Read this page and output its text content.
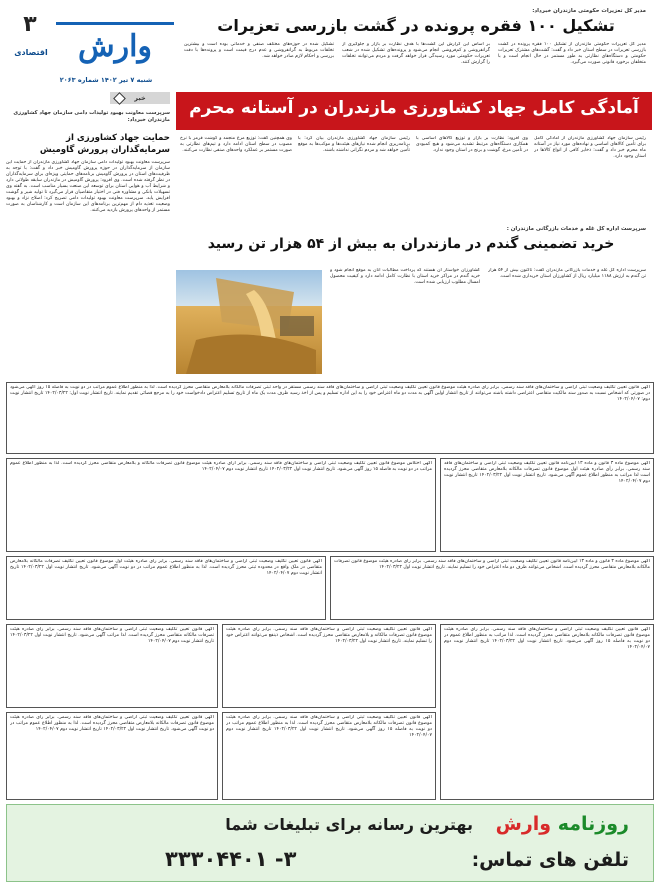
۳
اقتصادی وارش
شنبه ۷ تیر ۱۴۰۲ شماره ۲۰۶۳
مدیر کل تعزیرات حکومتی مازندران خبرداد:
تشکیل ۱۰۰ فقره پرونده در گشت بازرسی تعزیرات
مدیر کل تعزیرات حکومتی مازندران از تشکیل ۱۰۰ فقره پرونده در گشت بازرسی تعزیرات در سطح استان خبر داد و گفت: گشت‌های مشترک تعزیرات حکومتی و دستگاه‌های نظارتی به طور مستمر در حال انجام است و با متخلفان برخورد قانونی صورت می‌گیرد.
بر اساس این گزارش این گشت‌ها با هدف نظارت بر بازار و جلوگیری از گرانفروشی و کم‌فروشی انجام می‌شود و پرونده‌های تشکیل شده در شعب تعزیرات حکومتی مورد رسیدگی قرار خواهد گرفت و مردم می‌توانند تخلفات را گزارش کنند.
تشکیل شده در حوزه‌های مختلف صنفی و خدماتی بوده است و بیشترین تخلفات مربوط به گرانفروشی و عدم درج قیمت است و پرونده‌ها با دقت بررسی و احکام لازم صادر خواهد شد.
آمادگی کامل جهاد کشاورزی مازندران در آستانه محرم
رئیس سازمان جهاد کشاورزی مازندران از آمادگی کامل برای تأمین کالاهای اساسی و نهاده‌های مورد نیاز در آستانه ماه محرم خبر داد و گفت: ذخایر کافی از انواع کالاها در استان وجود دارد.
وی افزود: نظارت بر بازار و توزیع کالاهای اساسی با همکاری دستگاه‌های مرتبط تشدید می‌شود و هیچ کمبودی در تأمین مرغ، گوشت و برنج در استان وجود ندارد.
رئیس سازمان جهاد کشاورزی مازندران بیان کرد: با برنامه‌ریزی انجام شده نیازهای هیئت‌ها و موکب‌ها به موقع تأمین خواهد شد و مردم نگرانی نداشته باشند.
وی همچنین گفت: توزیع مرغ منجمد و گوشت قرمز با نرخ مصوب در سطح استان ادامه دارد و تیم‌های نظارتی به صورت مستمر بر عملکرد واحدهای صنفی نظارت می‌کنند.
خبر
سرپرست معاونت بهبود تولیدات دامی سازمان جهاد کشاورزی مازندران خبرداد:
حمایت جهاد کشاورزی از سرمایه‌گذاران پرورش گاومیش
سرپرست معاونت بهبود تولیدات دامی سازمان جهاد کشاورزی مازندران از حمایت این سازمان از سرمایه‌گذاران در حوزه پرورش گاومیش خبر داد و گفت: با توجه به ظرفیت‌های استان در پرورش گاومیش برنامه‌های حمایتی ویژه‌ای برای سرمایه‌گذاران در نظر گرفته شده است. وی افزود: پرورش گاومیش در مازندران سابقه طولانی دارد و شرایط آب و هوایی استان برای توسعه این صنعت بسیار مناسب است. به گفته وی تسهیلات بانکی و مشاوره فنی در اختیار متقاضیان قرار می‌گیرد تا تولید شیر و گوشت افزایش یابد. سرپرست معاونت بهبود تولیدات دامی تصریح کرد: اصلاح نژاد و بهبود وضعیت تغذیه دام از مهم‌ترین برنامه‌های این سازمان است و کارشناسان به صورت مستمر از واحدهای پرورش بازدید می‌کنند.
سرپرست اداره کل غله و خدمات بازرگانی مازندران :
خرید تضمینی گندم در مازندران به بیش از ۵۴ هزار تن رسید
سرپرست اداره کل غله و خدمات بازرگانی مازندران گفت: تاکنون بیش از ۵۴ هزار تن گندم به ارزش ۱۱۸۸ میلیارد ریال از کشاورزان استان خریداری شده است.
کشاورزان خواستار آن هستند که پرداخت مطالبات آنان به موقع انجام شود و خرید گندم در مراکز خرید استان با نظارت کامل ادامه دارد و کیفیت محصول امسال مطلوب ارزیابی شده است.
آگهی قانون تعیین تکلیف وضعیت ثبتی اراضی و ساختمان‌های فاقد سند رسمی. برابر رأی صادره هیئت موضوع قانون تعیین تکلیف وضعیت ثبتی اراضی و ساختمان‌های فاقد سند رسمی مستقر در واحد ثبتی تصرفات مالکانه بلامعارض متقاضی محرز گردیده است. لذا به منظور اطلاع عموم مراتب در دو نوبت به فاصله ۱۵ روز آگهی می‌شود در صورتی که اشخاص نسبت به صدور سند مالکیت متقاضی اعتراضی داشته باشند می‌توانند از تاریخ انتشار اولین آگهی به مدت دو ماه اعتراض خود را به این اداره تسلیم و پس از اخذ رسید ظرف مدت یک ماه از تاریخ تسلیم اعتراض دادخواست خود را به مرجع قضائی تقدیم نمایند. تاریخ انتشار نوبت اول: ۱۴۰۲/۰۳/۲۲ تاریخ انتشار نوبت دوم: ۱۴۰۲/۰۴/۰۷
آگهی موضوع ماده ۳ قانون و ماده ۱۳ آیین‌نامه قانون تعیین تکلیف وضعیت ثبتی اراضی و ساختمان‌های فاقد سند رسمی. برابر رأی صادره هیئت اول موضوع قانون تصرفات مالکانه بلامعارض متقاضی محرز گردیده است لذا مراتب به منظور اطلاع عموم آگهی می‌شود. تاریخ انتشار نوبت اول ۱۴۰۲/۰۳/۲۲ تاریخ انتشار نوبت دوم ۱۴۰۲/۰۴/۰۷
آگهی اختلاس موضوع قانون تعیین تکلیف وضعیت ثبتی اراضی و ساختمان‌های فاقد سند رسمی. برابر آرای صادره هیئت موضوع قانون تصرفات مالکانه و بلامعارض متقاضی محرز گردیده است. لذا به منظور اطلاع عموم مراتب در دو نوبت به فاصله ۱۵ روز آگهی می‌شود. تاریخ انتشار نوبت اول ۱۴۰۲/۰۳/۲۲ تاریخ انتشار نوبت دوم ۱۴۰۲/۰۴/۰۷
آگهی موضوع ماده ۳ قانون و ماده ۱۳ آیین‌نامه قانون تعیین تکلیف وضعیت ثبتی اراضی و ساختمان‌های فاقد سند رسمی. برابر رأی صادره هیئت موضوع قانون تصرفات مالکانه بلامعارض متقاضی محرز گردیده است. اشخاص می‌توانند ظرف دو ماه اعتراض خود را تسلیم نمایند. تاریخ انتشار نوبت اول ۱۴۰۲/۰۳/۲۲
آگهی قانون تعیین تکلیف وضعیت ثبتی اراضی و ساختمان‌های فاقد سند رسمی. برابر رأی صادره هیئت اول موضوع قانون تعیین تکلیف تصرفات مالکانه بلامعارض متقاضی در ملک واقع در محدوده ثبتی محرز گردیده است. لذا به منظور اطلاع عموم مراتب در دو نوبت آگهی می‌شود. تاریخ انتشار نوبت اول ۱۴۰۲/۰۳/۲۲ تاریخ انتشار نوبت دوم ۱۴۰۲/۰۴/۰۷
آگهی قانون تعیین تکلیف وضعیت ثبتی اراضی و ساختمان‌های فاقد سند رسمی. برابر رأی صادره هیئت موضوع قانون تصرفات مالکانه بلامعارض متقاضی محرز گردیده است. لذا مراتب به منظور اطلاع عموم در دو نوبت به فاصله ۱۵ روز آگهی می‌شود. تاریخ انتشار نوبت اول ۱۴۰۲/۰۳/۲۲ تاریخ انتشار نوبت دوم ۱۴۰۲/۰۴/۰۷
آگهی قانون تعیین تکلیف وضعیت ثبتی اراضی و ساختمان‌های فاقد سند رسمی. برابر رأی صادره هیئت موضوع قانون تصرفات مالکانه و بلامعارض متقاضی محرز گردیده است. اشخاص ذینفع می‌توانند اعتراض خود را تسلیم نمایند. تاریخ انتشار نوبت اول ۱۴۰۲/۰۳/۲۲
آگهی قانون تعیین تکلیف وضعیت ثبتی اراضی و ساختمان‌های فاقد سند رسمی. برابر رأی صادره هیئت تصرفات مالکانه متقاضی محرز گردیده است. لذا مراتب آگهی می‌شود. تاریخ انتشار نوبت اول ۱۴۰۲/۰۳/۲۲ تاریخ انتشار نوبت دوم ۱۴۰۲/۰۴/۰۷
آگهی قانون تعیین تکلیف وضعیت ثبتی اراضی و ساختمان‌های فاقد سند رسمی. برابر رأی صادره هیئت موضوع قانون تصرفات مالکانه بلامعارض متقاضی محرز گردیده است. لذا به منظور اطلاع عموم مراتب در دو نوبت به فاصله ۱۵ روز آگهی می‌شود. تاریخ انتشار نوبت اول ۱۴۰۲/۰۳/۲۲ تاریخ انتشار نوبت دوم ۱۴۰۲/۰۴/۰۷
آگهی قانون تعیین تکلیف وضعیت ثبتی اراضی و ساختمان‌های فاقد سند رسمی. برابر رأی صادره هیئت موضوع قانون تصرفات مالکانه بلامعارض متقاضی محرز گردیده است. لذا به منظور اطلاع عموم مراتب در دو نوبت آگهی می‌شود. تاریخ انتشار نوبت اول ۱۴۰۲/۰۳/۲۲ تاریخ انتشار نوبت دوم ۱۴۰۲/۰۴/۰۷
روزنامه وارش
بهترین رسانه برای تبلیغات شما
تلفن های تماس:
۳- ۳۳۳۰۴۴۰۱
